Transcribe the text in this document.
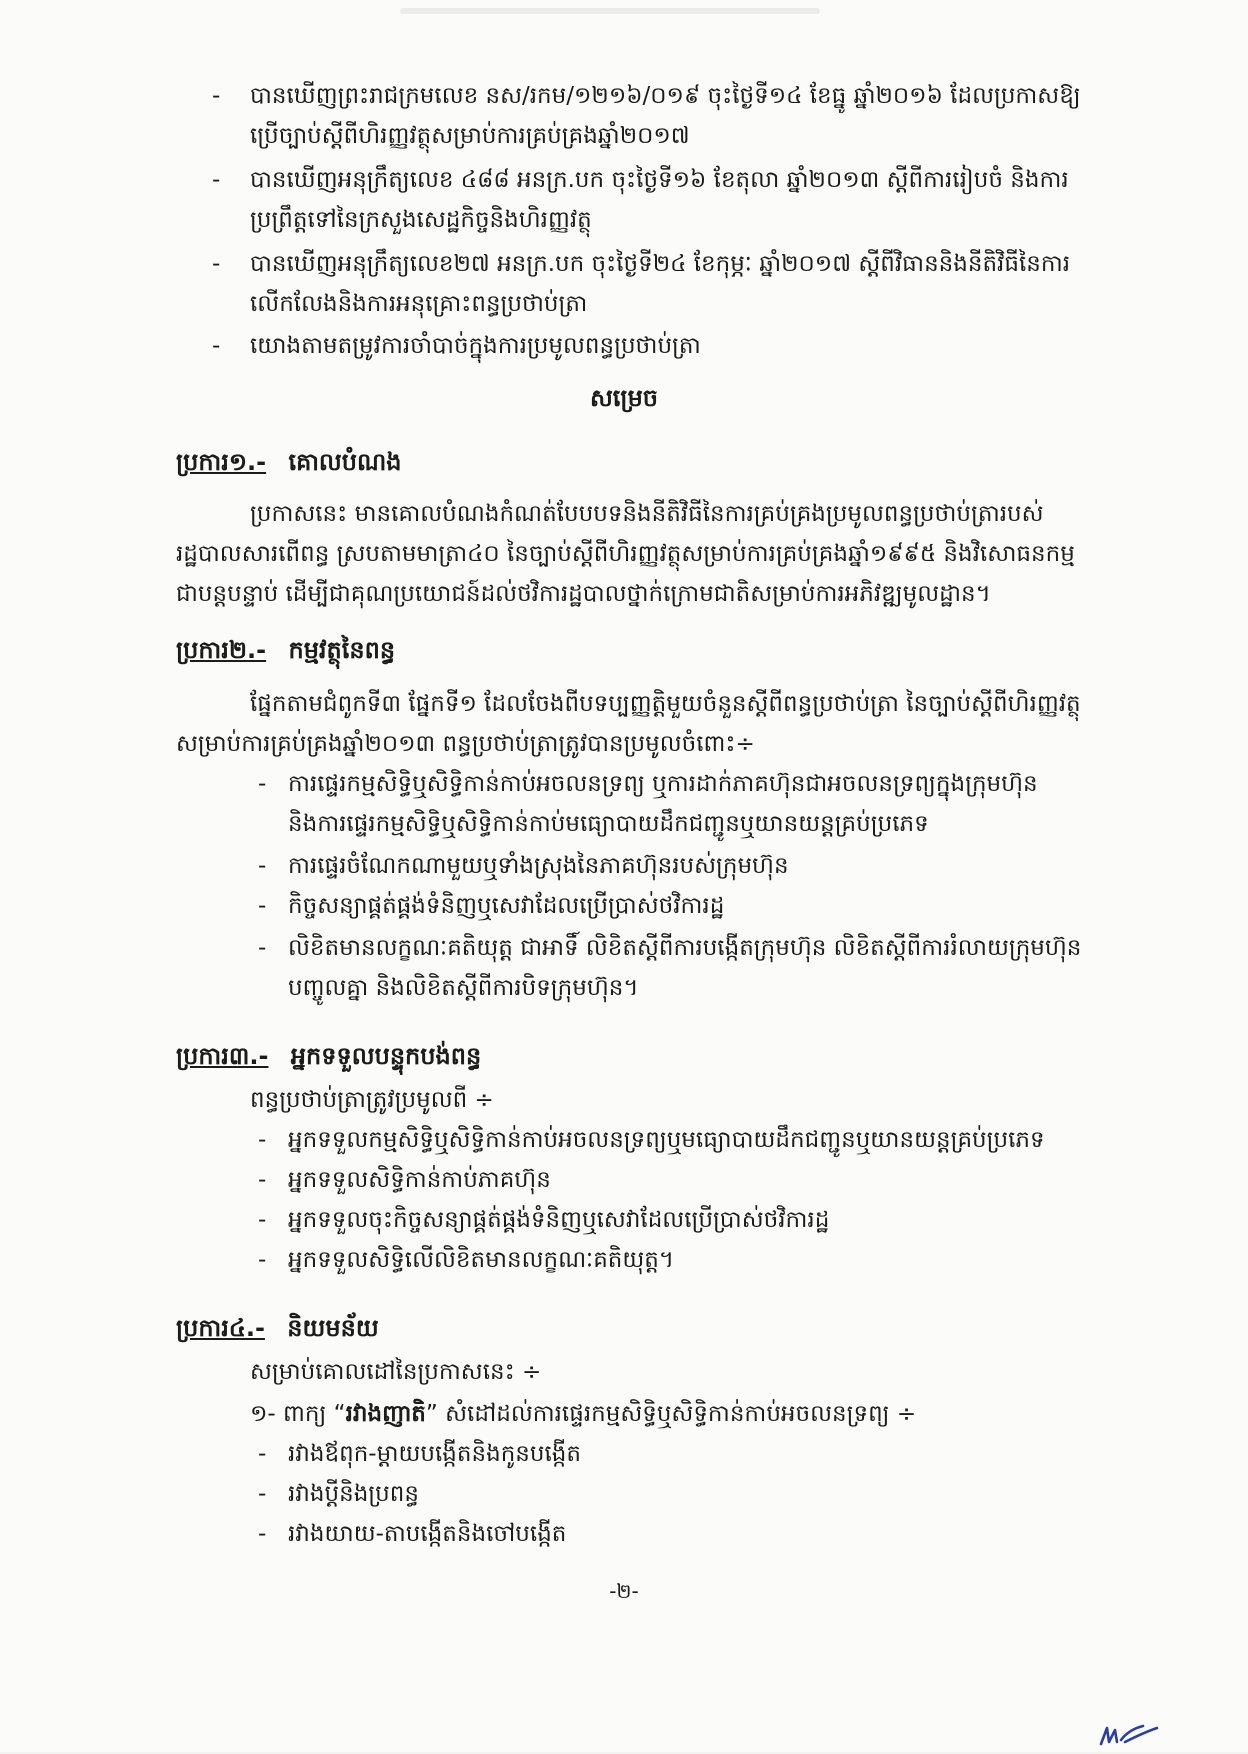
- បានឃើញព្រះរាជក្រមលេខ នស/រកម/១២១៦/០១៩ ចុះថ្ងៃទី១៤ ខែធ្នូ ឆ្នាំ២០១៦ ដែលប្រកាសឱ្យ
ប្រើច្បាប់ស្តីពីហិរញ្ញវត្ថុសម្រាប់ការគ្រប់គ្រងឆ្នាំ២០១៧
- បានឃើញអនុក្រឹត្យលេខ ៤៨៨ អនក្រ.បក ចុះថ្ងៃទី១៦ ខែតុលា ឆ្នាំ២០១៣ ស្តីពីការរៀបចំ និងការ
ប្រព្រឹត្តទៅនៃក្រសួងសេដ្ឋកិច្ចនិងហិរញ្ញវត្ថុ
- បានឃើញអនុក្រឹត្យលេខ២៧ អនក្រ.បក ចុះថ្ងៃទី២៤ ខែកុម្ភៈ ឆ្នាំ២០១៧ ស្តីពីវិធាននិងនីតិវិធីនៃការ
លើកលែងនិងការអនុគ្រោះពន្ធប្រថាប់ត្រា
- យោងតាមតម្រូវការចាំបាច់ក្នុងការប្រមូលពន្ធប្រថាប់ត្រា
សម្រេច
ប្រការ១.- គោលបំណង
ប្រកាសនេះ មានគោលបំណងកំណត់បែបបទនិងនីតិវិធីនៃការគ្រប់គ្រងប្រមូលពន្ធប្រថាប់ត្រារបស់
រដ្ឋបាលសារពើពន្ធ ស្របតាមមាត្រា៤០ នៃច្បាប់ស្តីពីហិរញ្ញវត្ថុសម្រាប់ការគ្រប់គ្រងឆ្នាំ១៩៩៥ និងវិសោធនកម្ម
ជាបន្តបន្ទាប់ ដើម្បីជាគុណប្រយោជន៍ដល់ថវិការដ្ឋបាលថ្នាក់ក្រោមជាតិសម្រាប់ការអភិវឌ្ឍមូលដ្ឋាន។
ប្រការ២.- កម្មវត្ថុនៃពន្ធ
ផ្នែកតាមជំពូកទី៣ ផ្នែកទី១ ដែលចែងពីបទប្បញ្ញត្តិមួយចំនួនស្តីពីពន្ធប្រថាប់ត្រា នៃច្បាប់ស្តីពីហិរញ្ញវត្ថុ
សម្រាប់ការគ្រប់គ្រងឆ្នាំ២០១៣ ពន្ធប្រថាប់ត្រាត្រូវបានប្រមូលចំពោះ÷
- ការផ្ទេរកម្មសិទ្ធិឬសិទ្ធិកាន់កាប់អចលនទ្រព្យ ឬការដាក់ភាគហ៊ុនជាអចលនទ្រព្យក្នុងក្រុមហ៊ុន
និងការផ្ទេរកម្មសិទ្ធិឬសិទ្ធិកាន់កាប់មធ្យោបាយដឹកជញ្ជូនឬយានយន្តគ្រប់ប្រភេទ
- ការផ្ទេរចំណែកណាមួយឬទាំងស្រុងនៃភាគហ៊ុនរបស់ក្រុមហ៊ុន
- កិច្ចសន្យាផ្គត់ផ្គង់ទំនិញឬសេវាដែលប្រើប្រាស់ថវិការដ្ឋ
- លិខិតមានលក្ខណៈគតិយុត្ត ជាអាទិ៍ លិខិតស្តីពីការបង្កើតក្រុមហ៊ុន លិខិតស្តីពីការរំលាយក្រុមហ៊ុន
បញ្ចូលគ្នា និងលិខិតស្តីពីការបិទក្រុមហ៊ុន។
ប្រការ៣.- អ្នកទទួលបន្ទុកបង់ពន្ធ
ពន្ធប្រថាប់ត្រាត្រូវប្រមូលពី ÷
- អ្នកទទួលកម្មសិទ្ធិឬសិទ្ធិកាន់កាប់អចលនទ្រព្យឬមធ្យោបាយដឹកជញ្ជូនឬយានយន្តគ្រប់ប្រភេទ
- អ្នកទទួលសិទ្ធិកាន់កាប់ភាគហ៊ុន
- អ្នកទទួលចុះកិច្ចសន្យាផ្គត់ផ្គង់ទំនិញឬសេវាដែលប្រើប្រាស់ថវិការដ្ឋ
- អ្នកទទួលសិទ្ធិលើលិខិតមានលក្ខណៈគតិយុត្ត។
ប្រការ៤.- និយមន័យ
សម្រាប់គោលដៅនៃប្រកាសនេះ ÷
១- ពាក្យ “រវាងញាតិ” សំដៅដល់ការផ្ទេរកម្មសិទ្ធិឬសិទ្ធិកាន់កាប់អចលនទ្រព្យ ÷
- រវាងឪពុក-ម្តាយបង្កើតនិងកូនបង្កើត
- រវាងប្តីនិងប្រពន្ធ
- រវាងយាយ-តាបង្កើតនិងចៅបង្កើត
-២-
